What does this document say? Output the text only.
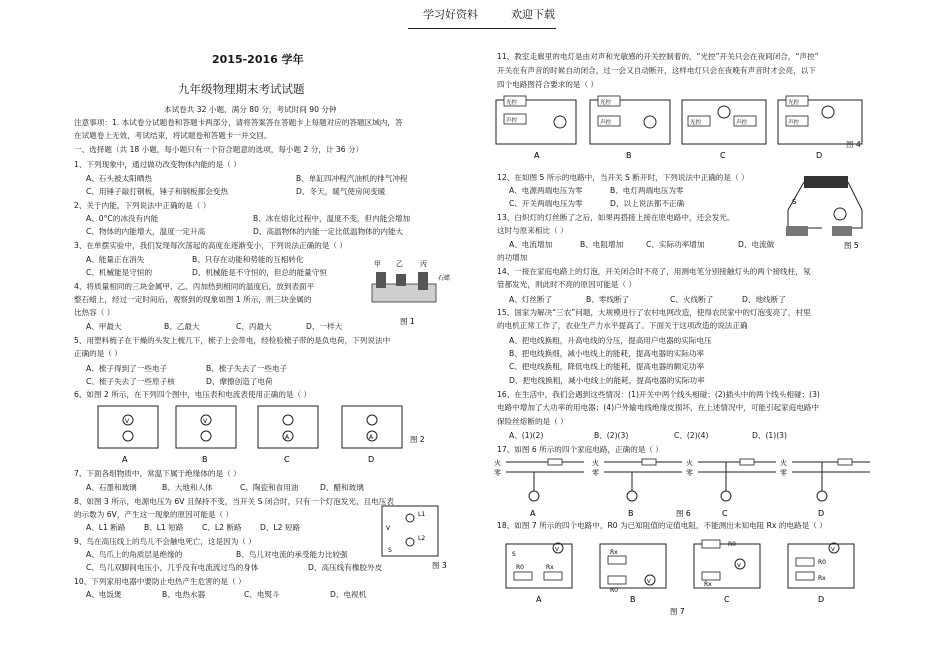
学习好资料	欢迎下载
2015-2016 学年
九年级物理期末考试试题
本试卷共 32 小题，满分 80 分，考试时间 90 分钟
注意事项：1. 本试卷分试题卷和答题卡两部分，请将答案答在答题卡上每题对应的答题区域内，答
在试题卷上无效，考试结束，将试题卷和答题卡一并交回。
一、选择题（共 18 小题，每小题只有一个符合题意的选项，每小题 2 分，计 36 分）
1、下列现象中，通过做功改变物体内能的是（ ）
A、石头被太阳晒热	B、单缸四冲程汽油机的排气冲程
C、用锤子敲打钢板，锤子和钢板都会变热	D、冬天，暖气使房间变暖
2、关于内能，下列说法中正确的是（ ）
A、0°C的冰没有内能	B、冰在熔化过程中，温度不变，但内能会增加
C、物体的内能增大，温度一定升高	D、高温物体的内能一定比低温物体的内能大
3、在单摆实验中，我们发现每次荡起的高度在逐渐变小，下列说法正确的是（ ）
A、能量正在消失	B、只存在动能和势能的互相转化
C、机械能是守恒的	D、机械能是不守恒的，但总的能量守恒
4、将质量相同的三块金属甲、乙、丙加热到相同的温度后，放到表面平
整石蜡上，经过一定时间后，观察到的现象如图 1 所示，则三块金属的
比热容（ ）
A、甲最大	B、乙最大	C、丙最大	D、一样大
5、用塑料梳子在干燥的头发上梳几下，梳子上会带电，经检验梳子带的是负电荷，下列说法中
正确的是（ ）
A、梳子得到了一些电子	B、梳子失去了一些电子
C、梳子失去了一些原子核	D、摩擦创造了电荷
6、如图 2 所示，在下列四个图中，电压表和电流表使用正确的是（ ）
7、下面各组物质中，常温下属于绝缘体的是（ ）
A、石墨和玻璃	B、大地和人体	C、陶瓷和食用油	D、醋和玻璃
8、如图 3 所示，电源电压为 6V 且保持不变，当开关 S 闭合时，只有一个灯泡发光，且电压表
的示数为 6V，产生这一现象的原因可能是（ ）
A、L1 断路 B、L1 短路 C、L2 断路 D、L2 短路
9、鸟在高压线上的鸟儿不会触电死亡，这是因为（ ）
A、鸟爪上的角质层是绝缘的	B、鸟儿对电流的承受能力比较强
C、鸟儿双脚间电压小，几乎没有电流流过鸟的身体	D、高压线有橡胶外皮
10、下列家用电器中要防止电热产生危害的是（ ）
A、电饭煲	B、电热水器	C、电熨斗	D、电视机
甲 乙 丙
石蜡
图 1
V	V
A	A
A	B	C	D
图 2
L1
L2
V
S
图 3
11、教室走廊里的电灯是由对声和光敏感的开关控制着的，“光控”开关只会在夜间闭合，“声控”
开关在有声音的时候自动闭合，过一会又自动断开，这样电灯只会在夜晚有声音时才会亮，以下
四个电路图符合要求的是（ ）
光控
声控
光控
声控	光控	声控
光控
声控
A	B	C	D
图 4
12、在如图 5 所示的电路中，当开关 S 断开时，下列说法中正确的是（ ）
A、电源两端电压为零	B、电灯两端电压为零
C、开关两端电压为零	D、以上说法都不正确
13、白炽灯的灯丝断了之后，如果再搭接上接在原电路中，还会发光。
这时与原来相比（ ）
A、电流增加	B、电阻增加	C、实际功率增加	D、电流做
的功增加
S
图 5
14、一接在家庭电路上的灯泡，开关闭合时不亮了，用测电笔分别接触灯头的两个接线柱，氖
管都发光，则此时不亮的原因可能是（ ）
A、灯丝断了	B、零线断了	C、火线断了	D、地线断了
15、国家为解决“三农”问题，大规模进行了农村电网改造，使得农民家中的灯泡变亮了，村里
的电机正常工作了，农业生产力水平提高了。下面关于这项改造的说法正确
A、把电线换粗，升高电线的分压，提高用户电器的实际电压
B、把电线换细，减小电线上的能耗，提高电器的实际功率
C、把电线换粗，降低电线上的能耗，提高电器的额定功率
D、把电线换粗，减小电线上的能耗，提高电器的实际功率
16、在生活中，我们会遇到这些情况：(1)开关中两个线头相碰；(2)插头中的两个线头相碰；(3)
电路中增加了大功率的用电器；(4)户外输电线绝缘皮损坏，在上述情况中，可能引起家庭电路中
保险丝熔断的是（ ）
A、(1)(2)	B、(2)(3)	C、(2)(4)	D、(1)(3)
17、如图 6 所示的四个家庭电路，正确的是（ ）
火
零
火
零
火
零
火
零
A	B	C	D
图 6
18、如图 7 所示的四个电路中，R0 为已知阻值的定值电阻，不能测出未知电阻 Rx 的电路是（ ）
R0	Rx
Rx
R0
R0
Rx
R0
Rx
V
V
V
V
S
A	B	C	D
图 7
